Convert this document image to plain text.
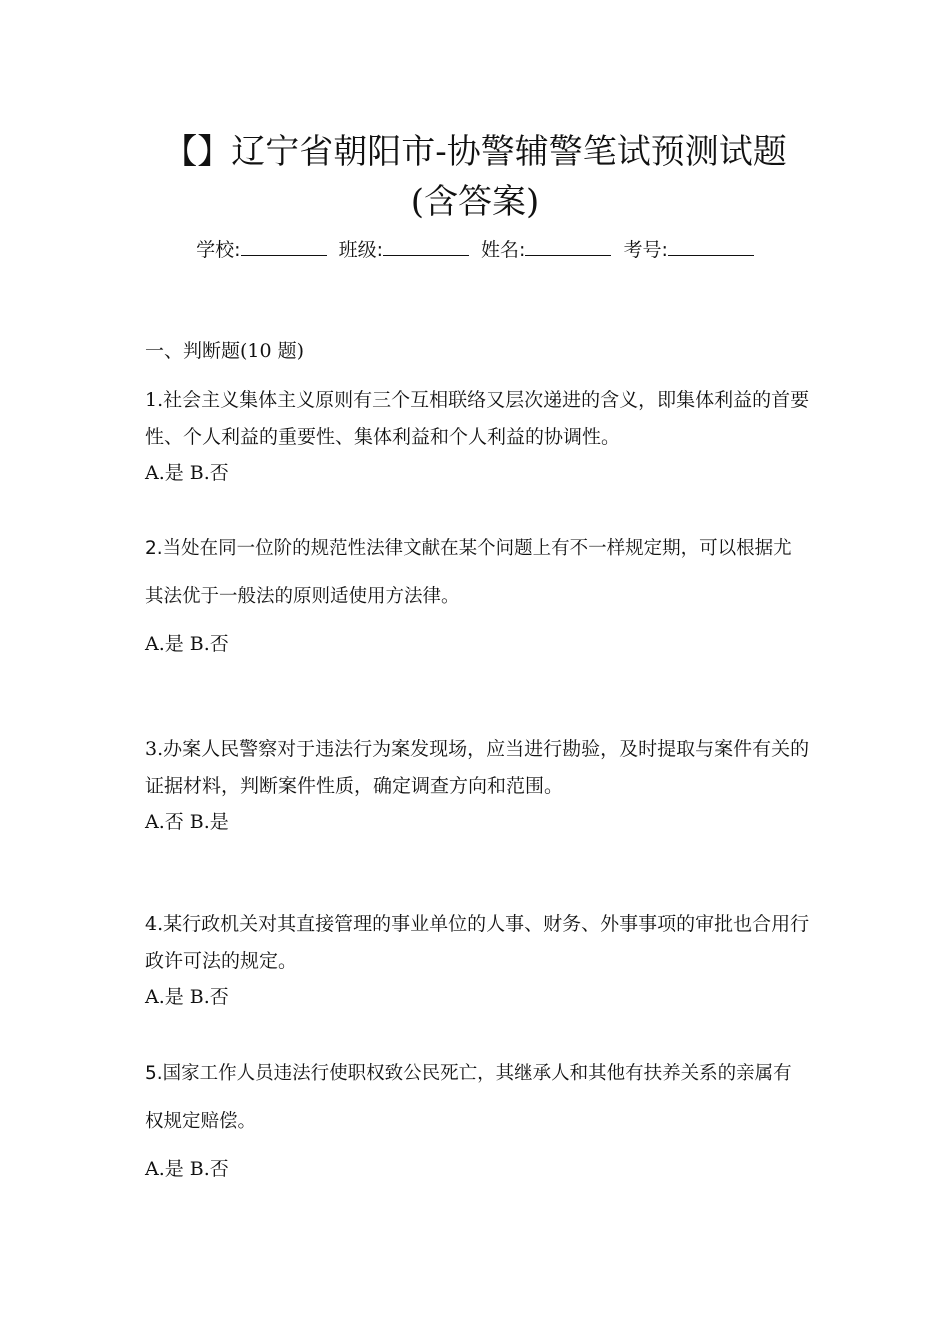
【】辽宁省朝阳市-协警辅警笔试预测试题
(含答案)
学校:	班级:	姓名:	考号:
一、判断题(10 题)
1.社会主义集体主义原则有三个互相联络又层次递进的含义，即集体利益的首要性、个人利益的重要性、集体利益和个人利益的协调性。
A.是 B.否
2.当处在同一位阶的规范性法律文献在某个问题上有不一样规定期，可以根据尤其法优于一般法的原则适使用方法律。
A.是 B.否
3.办案人民警察对于违法行为案发现场，应当进行勘验，及时提取与案件有关的证据材料，判断案件性质，确定调查方向和范围。
A.否 B.是
4.某行政机关对其直接管理的事业单位的人事、财务、外事事项的审批也合用行政许可法的规定。
A.是 B.否
5.国家工作人员违法行使职权致公民死亡，其继承人和其他有扶养关系的亲属有权规定赔偿。
A.是 B.否
